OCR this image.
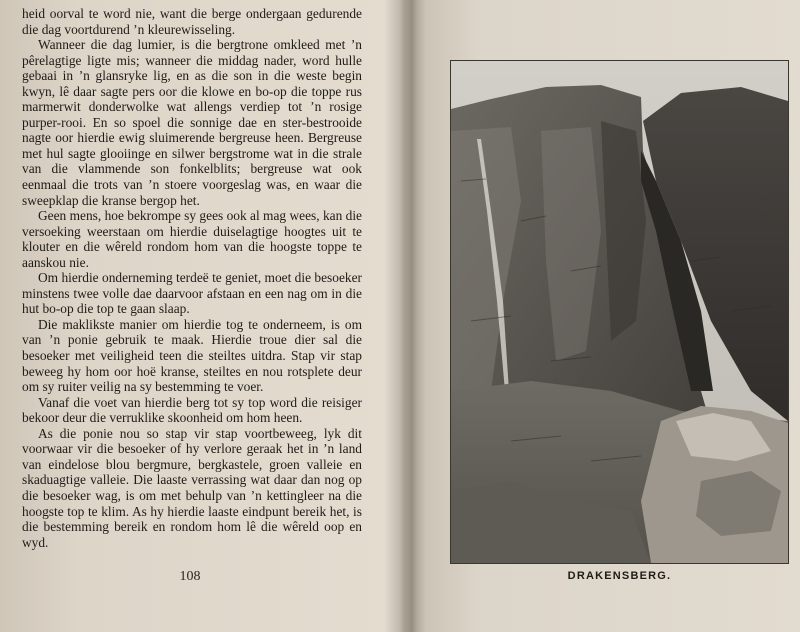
heid oorval te word nie, want die berge ondergaan gedurende die dag voortdurend ’n kleurewisseling.

Wanneer die dag lumier, is die bergtrone omkleed met ’n pêrelagtige ligte mis; wanneer die middag nader, word hulle gebaai in ’n glansryke lig, en as die son in die weste begin kwyn, lê daar sagte pers oor die klowe en bo-op die toppe rus marmerwit donderwolke wat allengs verdiep tot ’n rosige purper-rooi. En so spoel die sonnige dae en ster-bestrooide nagte oor hierdie ewig sluimerende bergreuse heen. Bergreuse met hul sagte glooiinge en silwer bergstrome wat in die strale van die vlammende son fonkelblits; bergreuse wat ook eenmaal die trots van ’n stoere voorgeslag was, en waar die sweepklap die kranse bergop het.

Geen mens, hoe bekrompe sy gees ook al mag wees, kan die versoeking weerstaan om hierdie duiselagtige hoogtes uit te klouter en die wêreld rondom hom van die hoogste toppe te aanskou nie.

Om hierdie onderneming terdeë te geniet, moet die besoeker minstens twee volle dae daarvoor afstaan en een nag om in die hut bo-op die top te gaan slaap.

Die maklikste manier om hierdie tog te onderneem, is om van ’n ponie gebruik te maak. Hierdie troue dier sal die besoeker met veiligheid teen die steiltes uitdra. Stap vir stap beweeg hy hom oor hoë kranse, steiltes en nou rotsplete deur om sy ruiter veilig na sy bestemming te voer.

Vanaf die voet van hierdie berg tot sy top word die reisiger bekoor deur die verruklike skoonheid om hom heen.

As die ponie nou so stap vir stap voortbeweeg, lyk dit voorwaar vir die besoeker of hy verlore geraak het in ’n land van eindelose blou bergmure, bergkastele, groen valleie en skaduagtige valleie. Die laaste verrassing wat daar dan nog op die besoeker wag, is om met behulp van ’n kettingleer na die hoogste top te klim. As hy hierdie laaste eindpunt bereik het, is die bestemming bereik en rondom hom lê die wêreld oop en wyd.

108	DRAKENSBERG.
